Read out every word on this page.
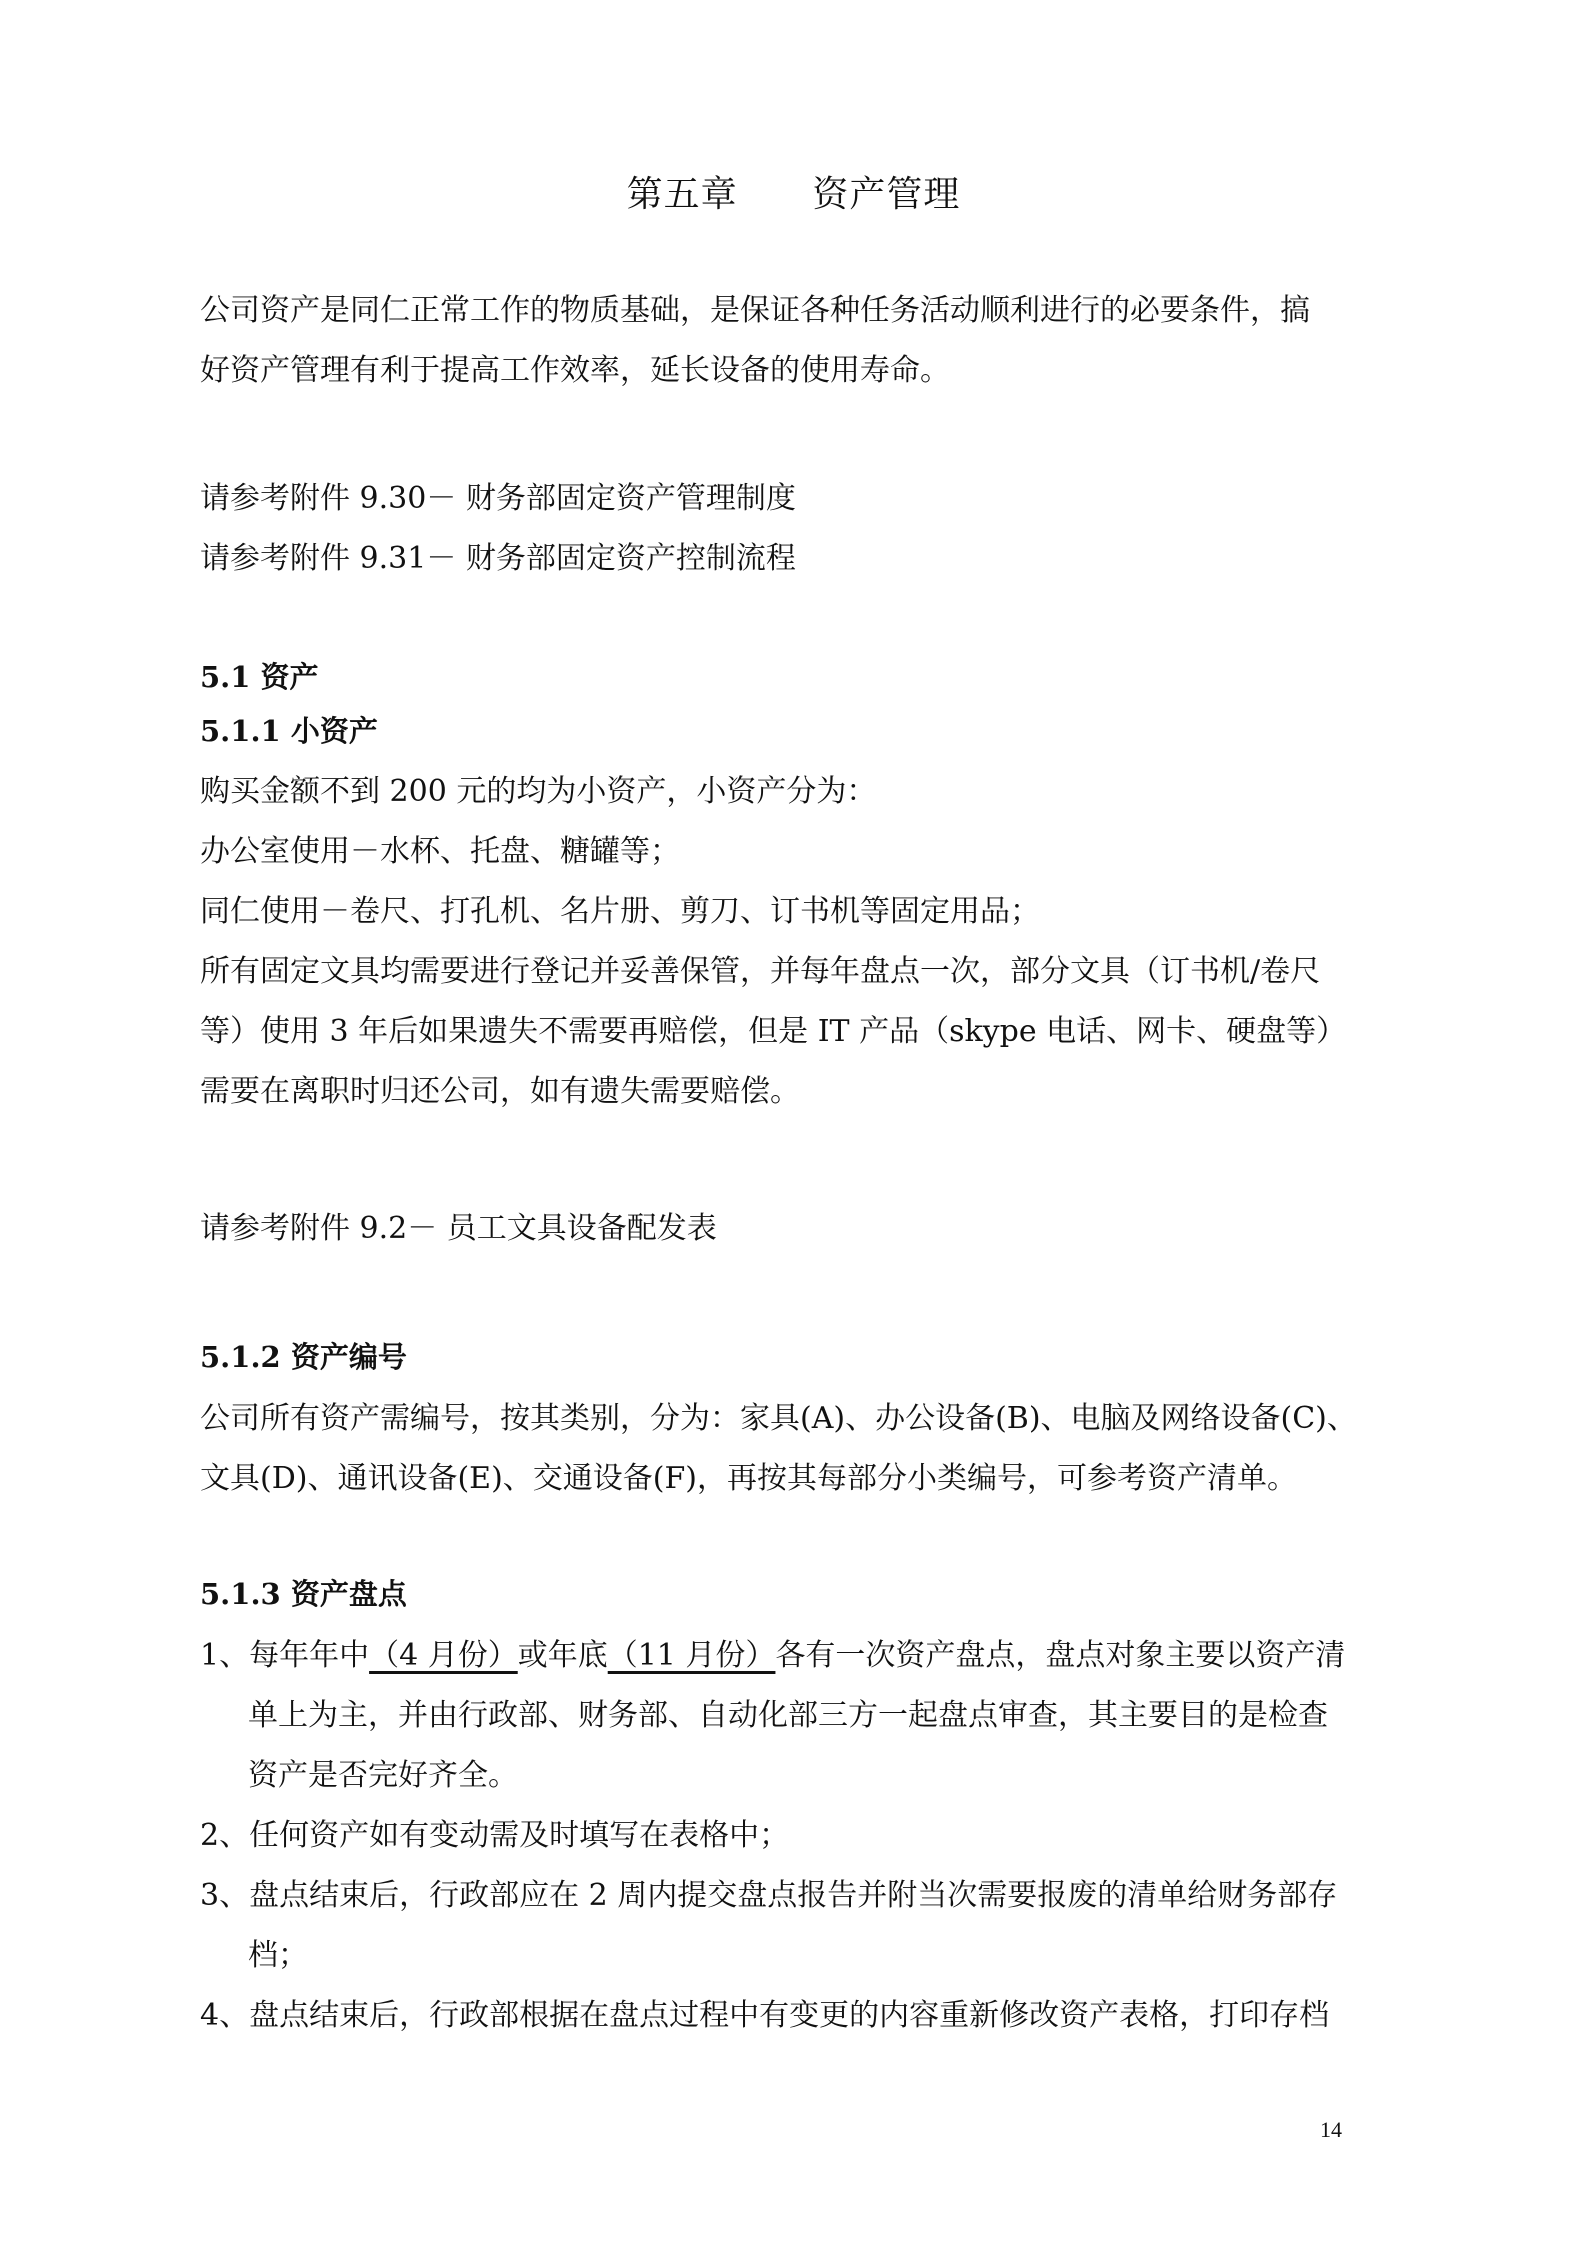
第五章      资产管理
公司资产是同仁正常工作的物质基础，是保证各种任务活动顺利进行的必要条件，搞
好资产管理有利于提高工作效率，延长设备的使用寿命。
请参考附件 9.30－ 财务部固定资产管理制度
请参考附件 9.31－ 财务部固定资产控制流程
5.1 资产
5.1.1 小资产
购买金额不到 200 元的均为小资产，小资产分为：
办公室使用－水杯、托盘、糖罐等；
同仁使用－卷尺、打孔机、名片册、剪刀、订书机等固定用品；
所有固定文具均需要进行登记并妥善保管，并每年盘点一次，部分文具（订书机/卷尺
等）使用 3 年后如果遗失不需要再赔偿，但是 IT 产品（skype 电话、网卡、硬盘等）
需要在离职时归还公司，如有遗失需要赔偿。
请参考附件 9.2－ 员工文具设备配发表
5.1.2 资产编号
公司所有资产需编号，按其类别，分为：家具(A)、办公设备(B)、电脑及网络设备(C)、
文具(D)、通讯设备(E)、交通设备(F)，再按其每部分小类编号，可参考资产清单。
5.1.3 资产盘点
1、每年年中（4 月份）或年底（11 月份）各有一次资产盘点，盘点对象主要以资产清
单上为主，并由行政部、财务部、自动化部三方一起盘点审查，其主要目的是检查
资产是否完好齐全。
2、任何资产如有变动需及时填写在表格中；
3、盘点结束后，行政部应在 2 周内提交盘点报告并附当次需要报废的清单给财务部存
档；
4、盘点结束后，行政部根据在盘点过程中有变更的内容重新修改资产表格，打印存档
14
